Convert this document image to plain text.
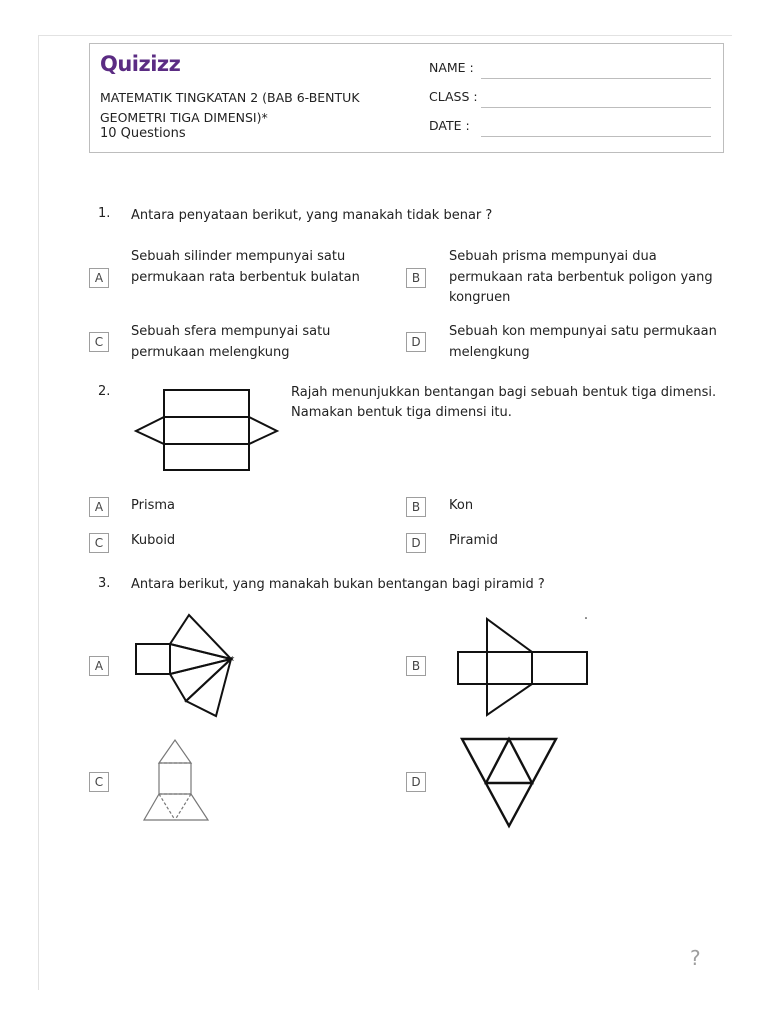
Quizizz
MATEMATIK TINGKATAN 2 (BAB 6-BENTUK GEOMETRI TIGA DIMENSI)*
10 Questions
NAME :
CLASS :
DATE :
1. Antara penyataan berikut, yang manakah tidak benar ?
A
Sebuah silinder mempunyai satu permukaan rata berbentuk bulatan	B
Sebuah prisma mempunyai dua permukaan rata berbentuk poligon yang kongruen
C
Sebuah sfera mempunyai satu permukaan melengkung
D
Sebuah kon mempunyai satu permukaan melengkung
2.	Rajah menunjukkan bentangan bagi sebuah bentuk tiga dimensi. Namakan bentuk tiga dimensi itu.
A	Prisma	B	Kon
C	Kuboid	D	Piramid
3. Antara berikut, yang manakah bukan bentangan bagi piramid ?
A	B
C	D
?
